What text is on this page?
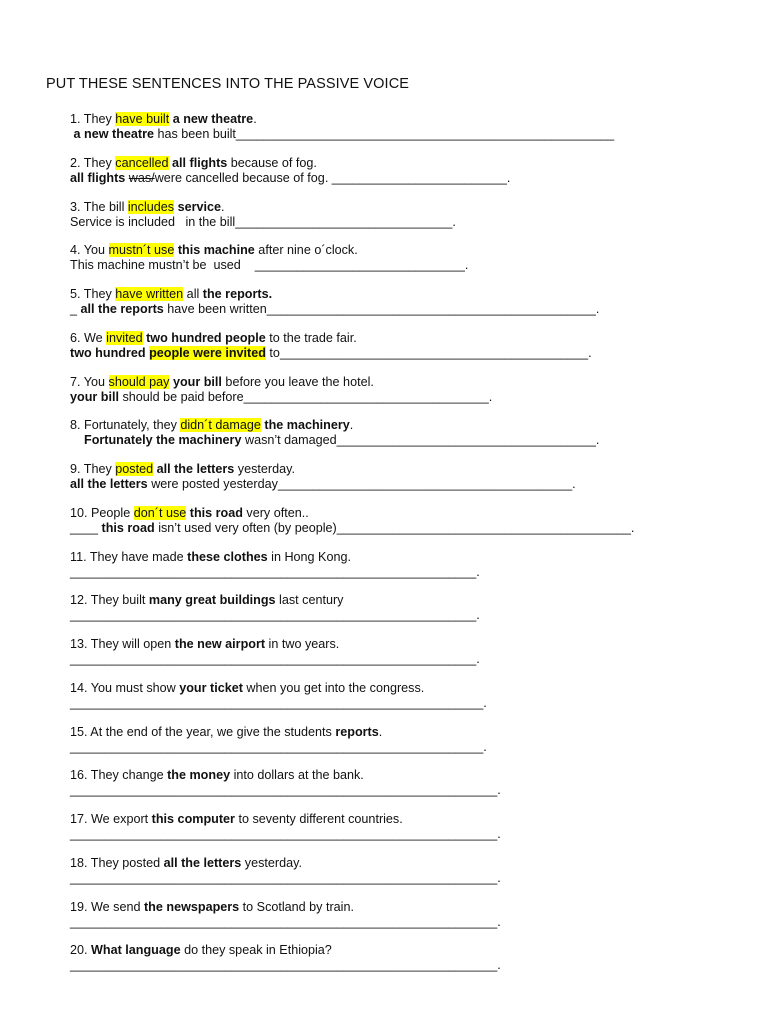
PUT THESE SENTENCES INTO THE PASSIVE VOICE
1. They have built a new theatre.
a new theatre has been built______________________________________________________
2. They cancelled all flights because of fog.
all flights was/were cancelled because of fog. _________________________.
3. The bill includes service.
Service is included   in the bill_______________________________.
4. You mustn´t use this machine after nine o´clock.
This machine mustn’t be  used    ______________________________.
5. They have written all the reports.
_ all the reports have been written_______________________________________________.
6. We invited two hundred people to the trade fair.
two hundred people were invited to____________________________________________.
7. You should pay your bill before you leave the hotel.
your bill should be paid before___________________________________.
8. Fortunately, they didn´t damage the machinery.
Fortunately the machinery wasn’t damaged_____________________________________.
9. They posted all the letters yesterday.
all the letters were posted yesterday__________________________________________.
10. People don´t use this road very often..
____ this road isn’t used very often (by people)__________________________________________.
11. They have made these clothes in Hong Kong.
__________________________________________________________.
12. They built many great buildings last century
__________________________________________________________.
13. They will open the new airport in two years.
__________________________________________________________.
14. You must show your ticket when you get into the congress.
___________________________________________________________.
15. At the end of the year, we give the students reports.
___________________________________________________________.
16. They change the money into dollars at the bank.
_____________________________________________________________.
17. We export this computer to seventy different countries.
_____________________________________________________________.
18. They posted all the letters yesterday.
_____________________________________________________________.
19. We send the newspapers to Scotland by train.
_____________________________________________________________.
20. What language do they speak in Ethiopia?
_____________________________________________________________.
